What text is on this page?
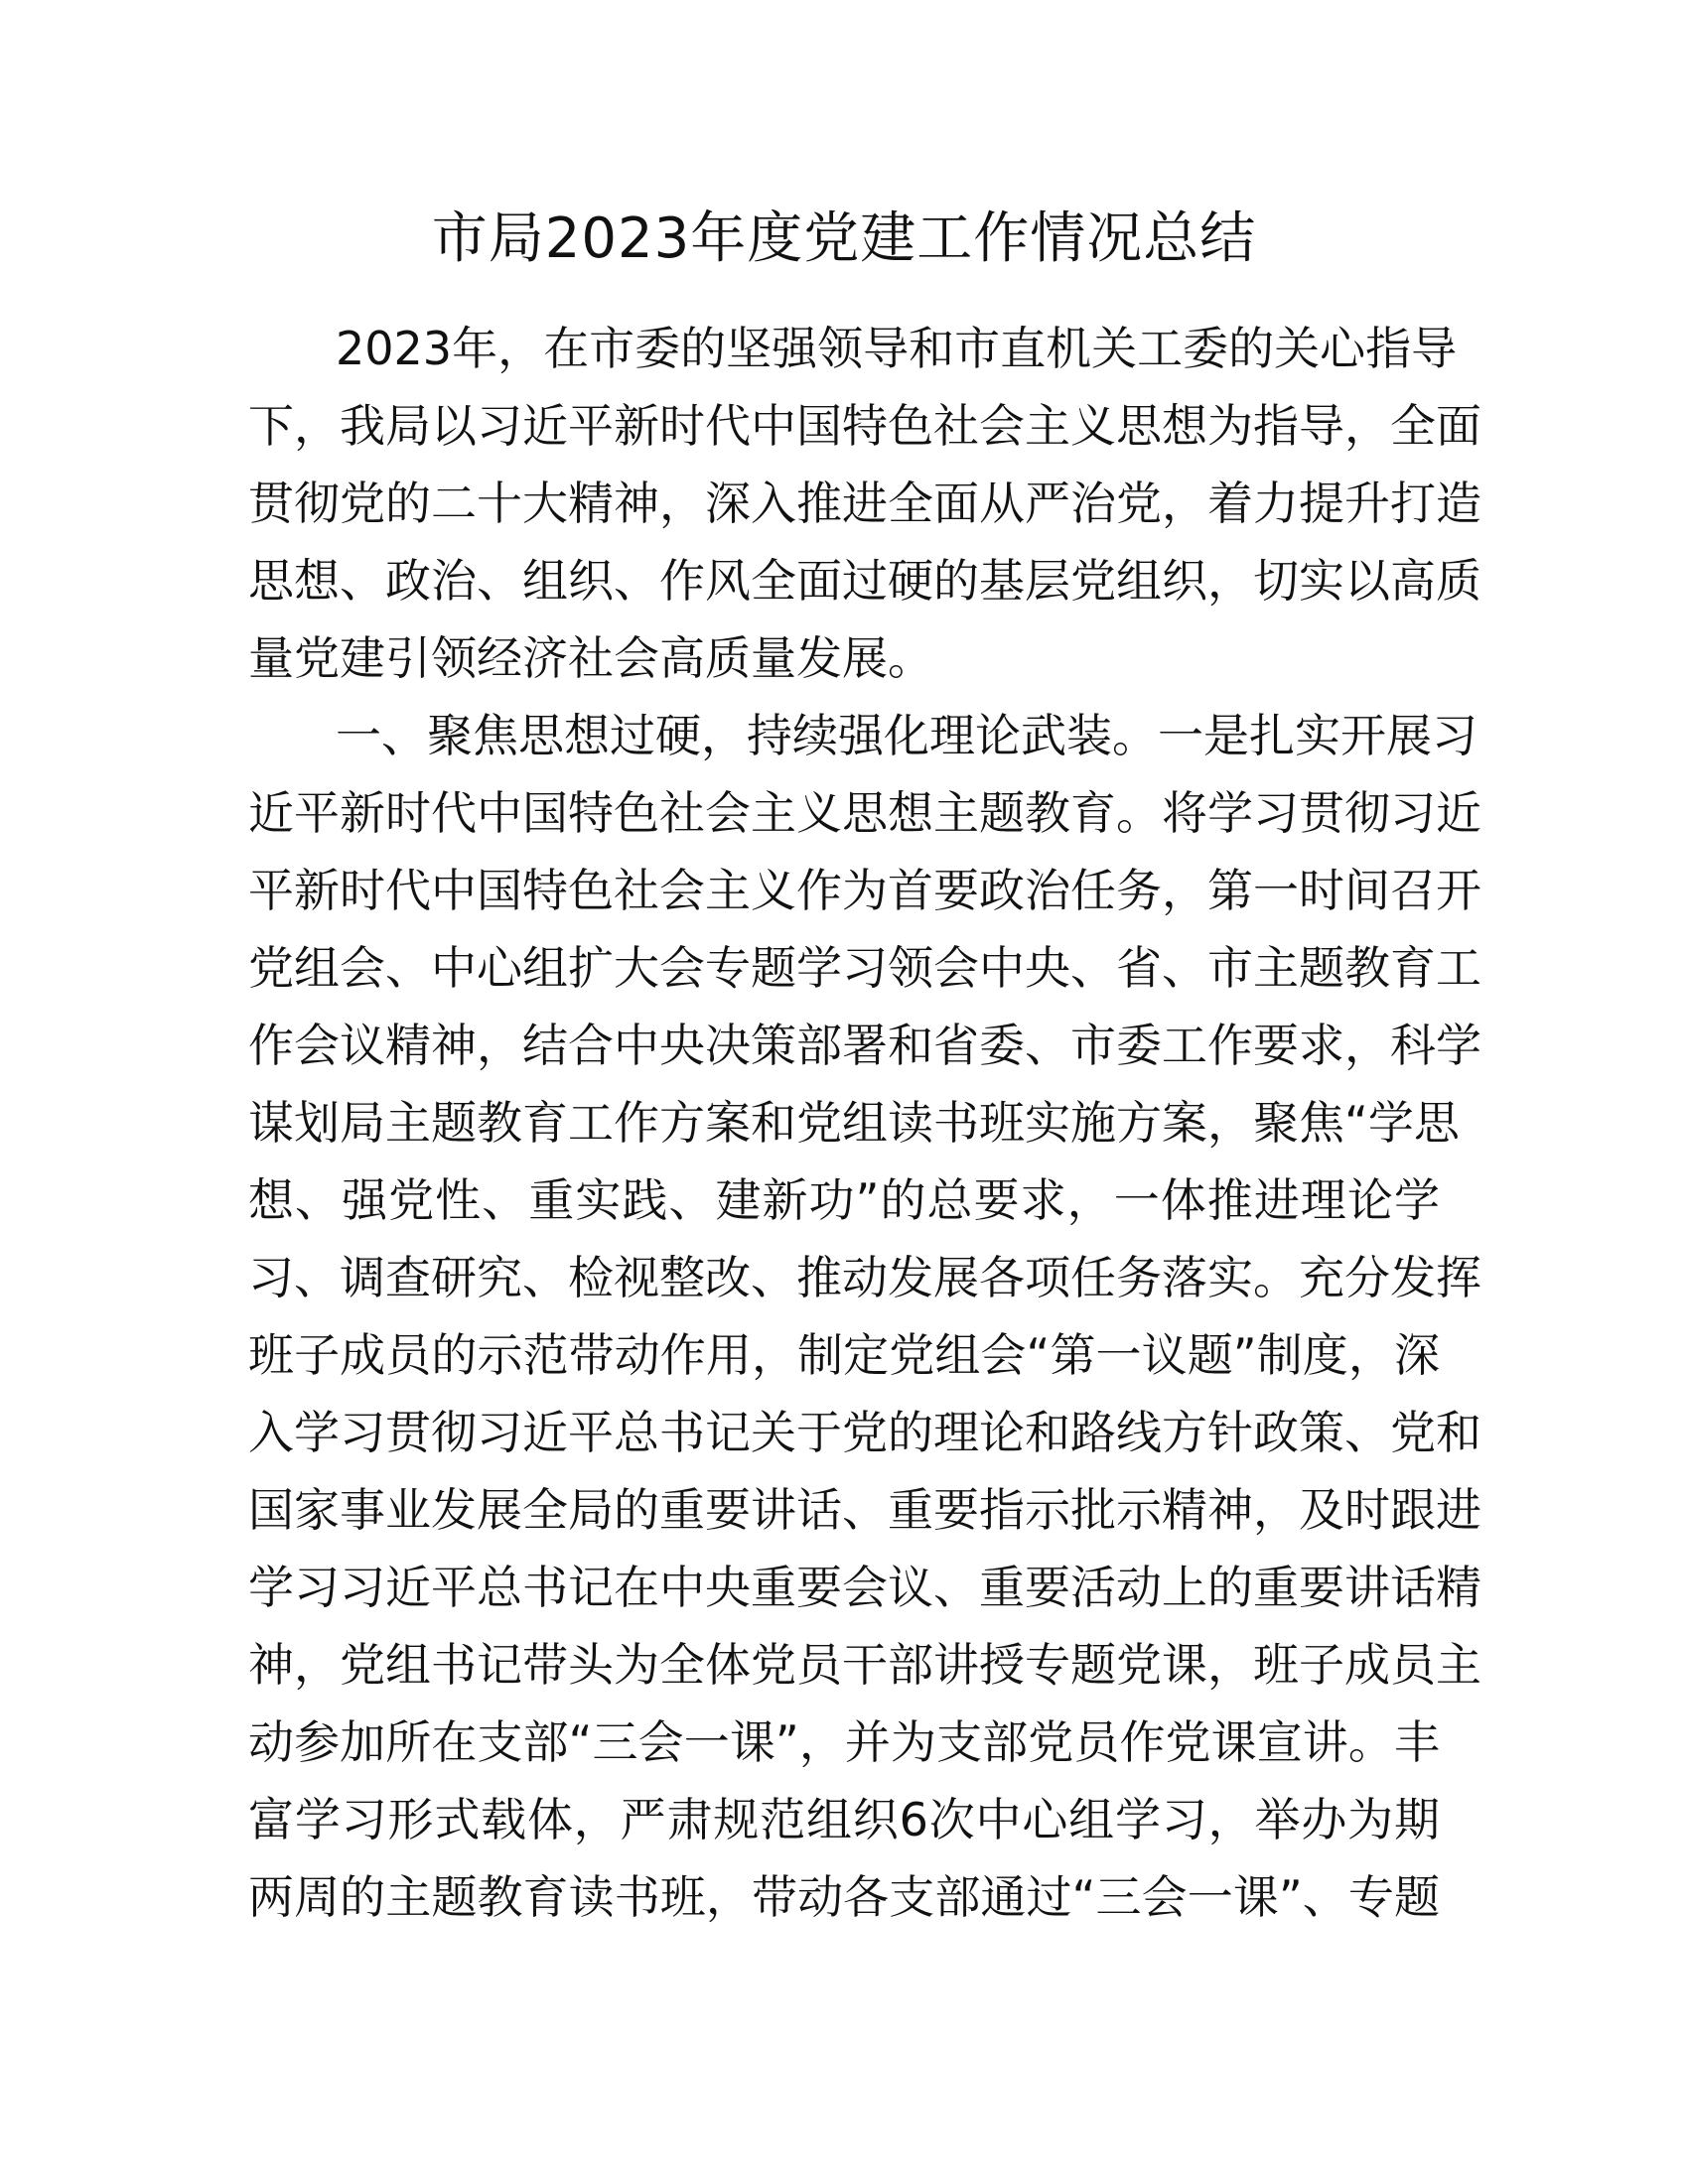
市局2023年度党建工作情况总结
2023年，在市委的坚强领导和市直机关工委的关心指导
下，我局以习近平新时代中国特色社会主义思想为指导，全面
贯彻党的二十大精神，深入推进全面从严治党，着力提升打造
思想、政治、组织、作风全面过硬的基层党组织，切实以高质
量党建引领经济社会高质量发展。
一、聚焦思想过硬，持续强化理论武装。一是扎实开展习
近平新时代中国特色社会主义思想主题教育。将学习贯彻习近
平新时代中国特色社会主义作为首要政治任务，第一时间召开
党组会、中心组扩大会专题学习领会中央、省、市主题教育工
作会议精神，结合中央决策部署和省委、市委工作要求，科学
谋划局主题教育工作方案和党组读书班实施方案，聚焦“学思
想、强党性、重实践、建新功”的总要求，一体推进理论学
习、调查研究、检视整改、推动发展各项任务落实。充分发挥
班子成员的示范带动作用，制定党组会“第一议题”制度，深
入学习贯彻习近平总书记关于党的理论和路线方针政策、党和
国家事业发展全局的重要讲话、重要指示批示精神，及时跟进
学习习近平总书记在中央重要会议、重要活动上的重要讲话精
神，党组书记带头为全体党员干部讲授专题党课，班子成员主
动参加所在支部“三会一课”，并为支部党员作党课宣讲。丰
富学习形式载体，严肃规范组织6次中心组学习，举办为期
两周的主题教育读书班，带动各支部通过“三会一课”、专题
